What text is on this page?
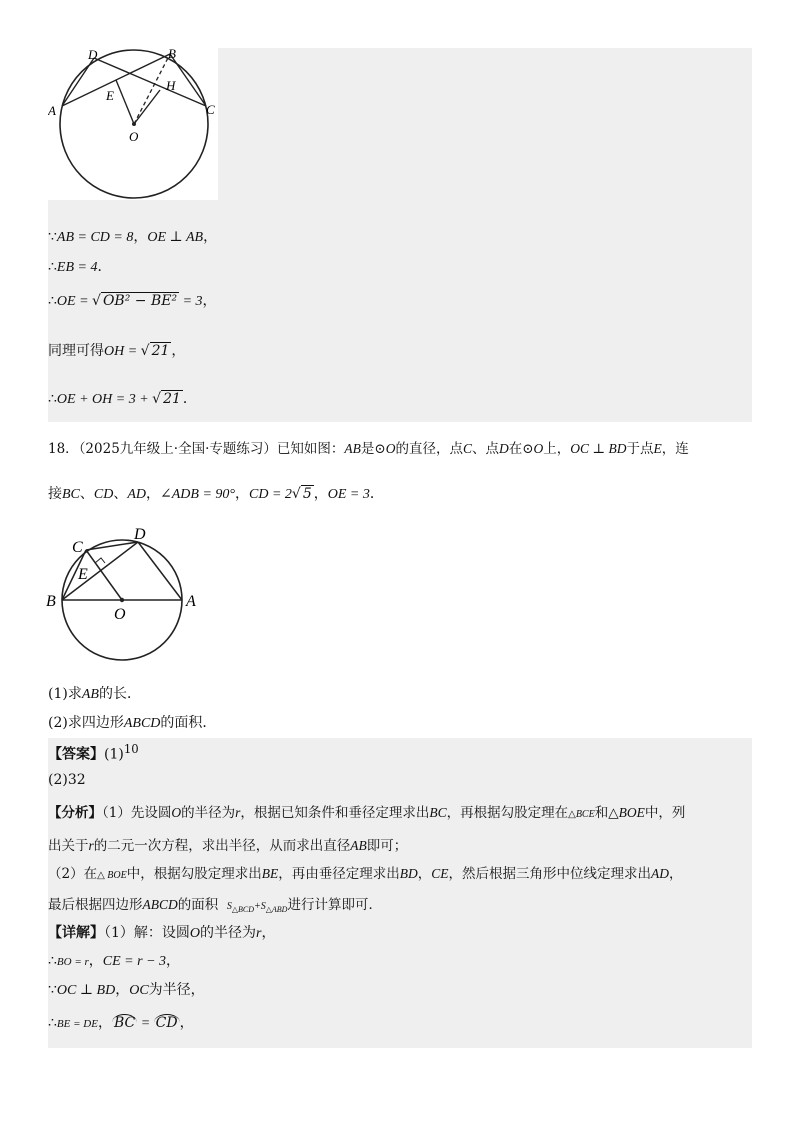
D	B
A	C
E
H
O
∵AB = CD = 8，OE ⊥ AB，
∴EB = 4．
∴OE = √ OB² − BE² = 3，
同理可得OH = √ 21 ，
∴OE + OH = 3 + √ 21 ．
18．（2025九年级上·全国·专题练习）已知如图：AB是⊙O的直径，点C、点D在⊙O上，OC ⊥ BD于点E，连
接BC、CD、AD，∠ADB = 90°，CD = 2√ 5 ，OE = 3．
C
D
E
B	A
O
(1)求AB的长．
(2)求四边形ABCD的面积．
【答案】$(1)^{10}$
(2)32
【分析】（1）先设圆O的半径为r，根据已知条件和垂径定理求出BC，再根据勾股定理在△BCE和△BOE中，列
出关于r的二元一次方程，求出半径，从而求出直径AB即可；
（2）在△ BOE中，根据勾股定理求出BE，再由垂径定理求出BD，CE，然后根据三角形中位线定理求出AD，
最后根据四边形ABCD的面积 $S_{\triangle BCD}+S_{\triangle ABD}$进行计算即可．
【详解】（1）解：设圆O的半径为r，
∴BO = r，CE = r − 3，
∵OC ⊥ BD，OC为半径，
∴BE = DE， BC = CD ，
